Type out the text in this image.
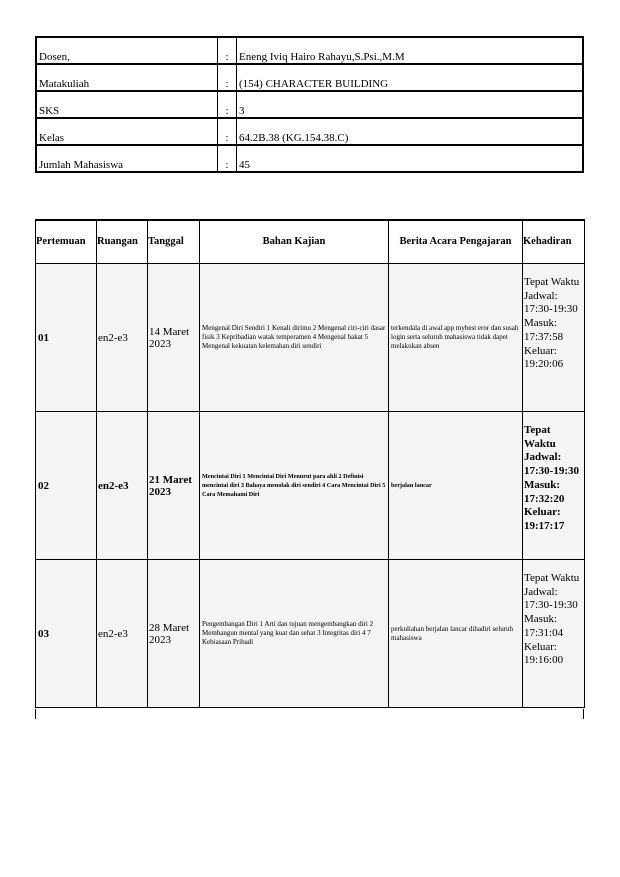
Dosen,	:	Eneng Iviq Hairo Rahayu,S.Psi.,M.M
Matakuliah	:	(154) CHARACTER BUILDING
SKS	:	3
Kelas	:	64.2B.38 (KG.154.38.C)
Jumlah Mahasiswa	:	45
Pertemuan	Ruangan	Tanggal	Bahan Kajian	Berita Acara Pengajaran	Kehadiran
01	en2-e3	14 Maret 2023	Mengenal Diri Sendiri 1 Kenali dirimu 2 Mengenal ciri-ciri dasar fisik 3 Kepribadian watak temperamen 4 Mengenal bakat 5 Mengenal kekuatan kelemahan diri sendiri	terkendala di awal app mybest eror dan susah login serta seluruh mahasiswa tidak dapet melakukan absen	Tepat Waktu Jadwal: 17:30-19:30 Masuk: 17:37:58 Keluar: 19:20:06
02	en2-e3	21 Maret 2023	Mencintai Diri 1 Mencintai Diri Menurut para ahli 2 Definisi mencintai diri 3 Bahaya menolak diri sendiri 4 Cara Mencintai Diri 5 Cara Memahami Diri	berjalan lancar	Tepat Waktu Jadwal: 17:30-19:30 Masuk: 17:32:20 Keluar: 19:17:17
03	en2-e3	28 Maret 2023	Pengembangan Diri 1 Arti dan tujuan mengembangkan diri 2 Membangun mental yang kuat dan sehat 3 Integritas diri 4 7 Kebiasaan Pribadi	perkuliahan berjalan lancar dihadiri seluruh mahasiswa	Tepat Waktu Jadwal: 17:30-19:30 Masuk: 17:31:04 Keluar: 19:16:00
